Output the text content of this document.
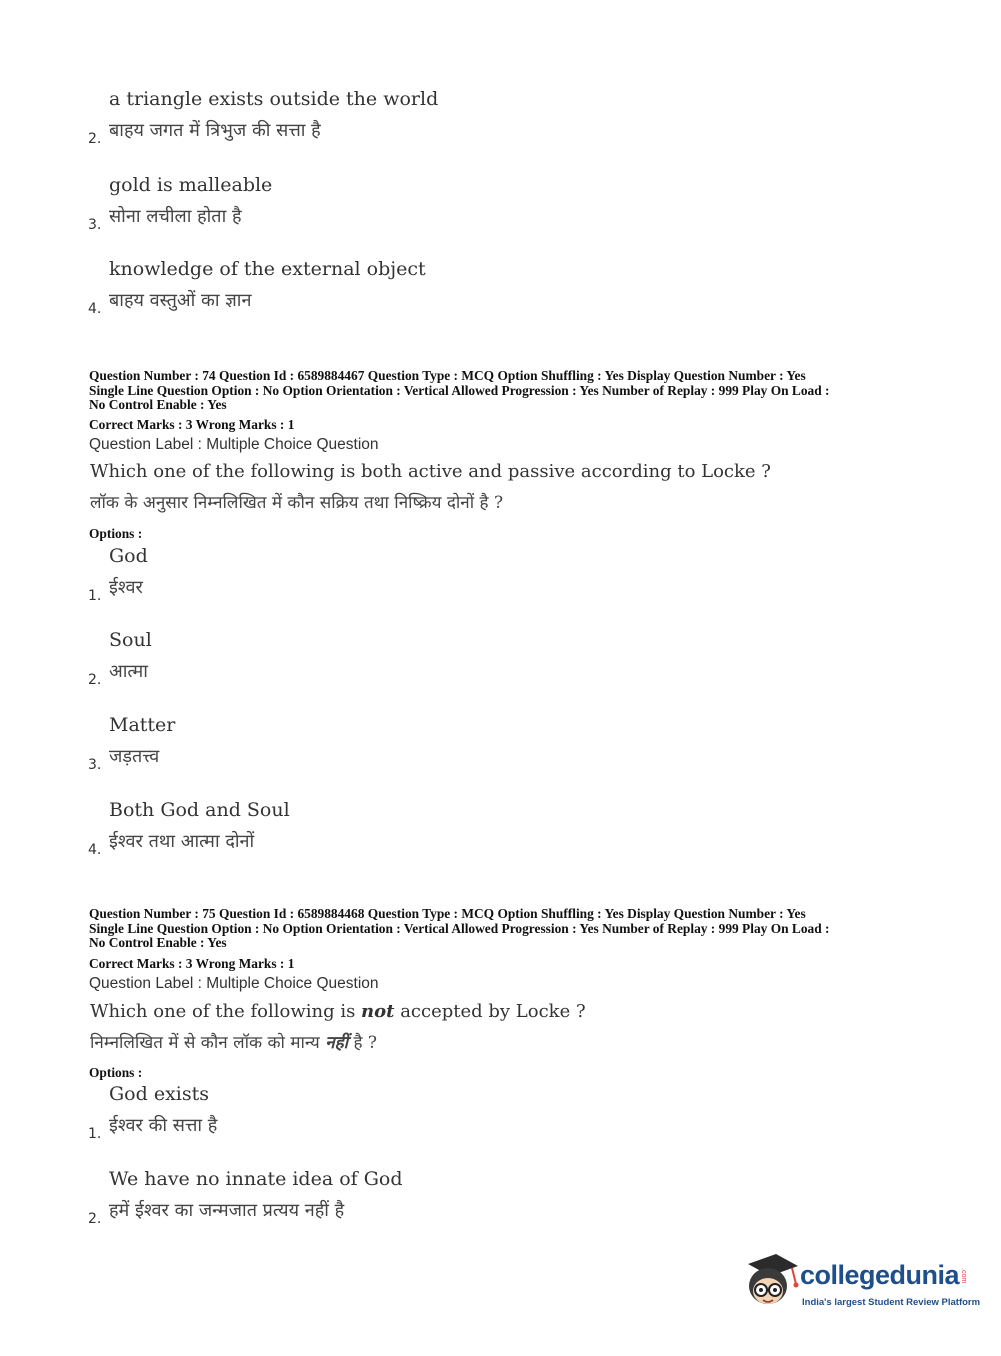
a triangle exists outside the world
बाहय जगत में त्रिभुज की सत्ता है
2.
gold is malleable
सोना लचीला होता है
3.
knowledge of the external object
बाहय वस्तुओं का ज्ञान
4.
Question Number : 74 Question Id : 6589884467 Question Type : MCQ Option Shuffling : Yes Display Question Number : Yes
Single Line Question Option : No Option Orientation : Vertical Allowed Progression : Yes Number of Replay : 999 Play On Load :
No Control Enable : Yes
Correct Marks : 3 Wrong Marks : 1
Question Label : Multiple Choice Question
Which one of the following is both active and passive according to Locke ?
लॉक के अनुसार निम्नलिखित में कौन सक्रिय तथा निष्क्रिय दोनों है ?
Options :
God
ईश्वर
1.
Soul
आत्मा
2.
Matter
जड़तत्त्व
3.
Both God and Soul
ईश्वर तथा आत्मा दोनों
4.
Question Number : 75 Question Id : 6589884468 Question Type : MCQ Option Shuffling : Yes Display Question Number : Yes
Single Line Question Option : No Option Orientation : Vertical Allowed Progression : Yes Number of Replay : 999 Play On Load :
No Control Enable : Yes
Correct Marks : 3 Wrong Marks : 1
Question Label : Multiple Choice Question
Which one of the following is not accepted by Locke ?
निम्नलिखित में से कौन लॉक को मान्य नहीं है ?
Options :
God exists
ईश्वर की सत्ता है
1.
We have no innate idea of God
हमें ईश्वर का जन्मजात प्रत्यय नहीं है
2.
collegedunia .com
India's largest Student Review Platform
